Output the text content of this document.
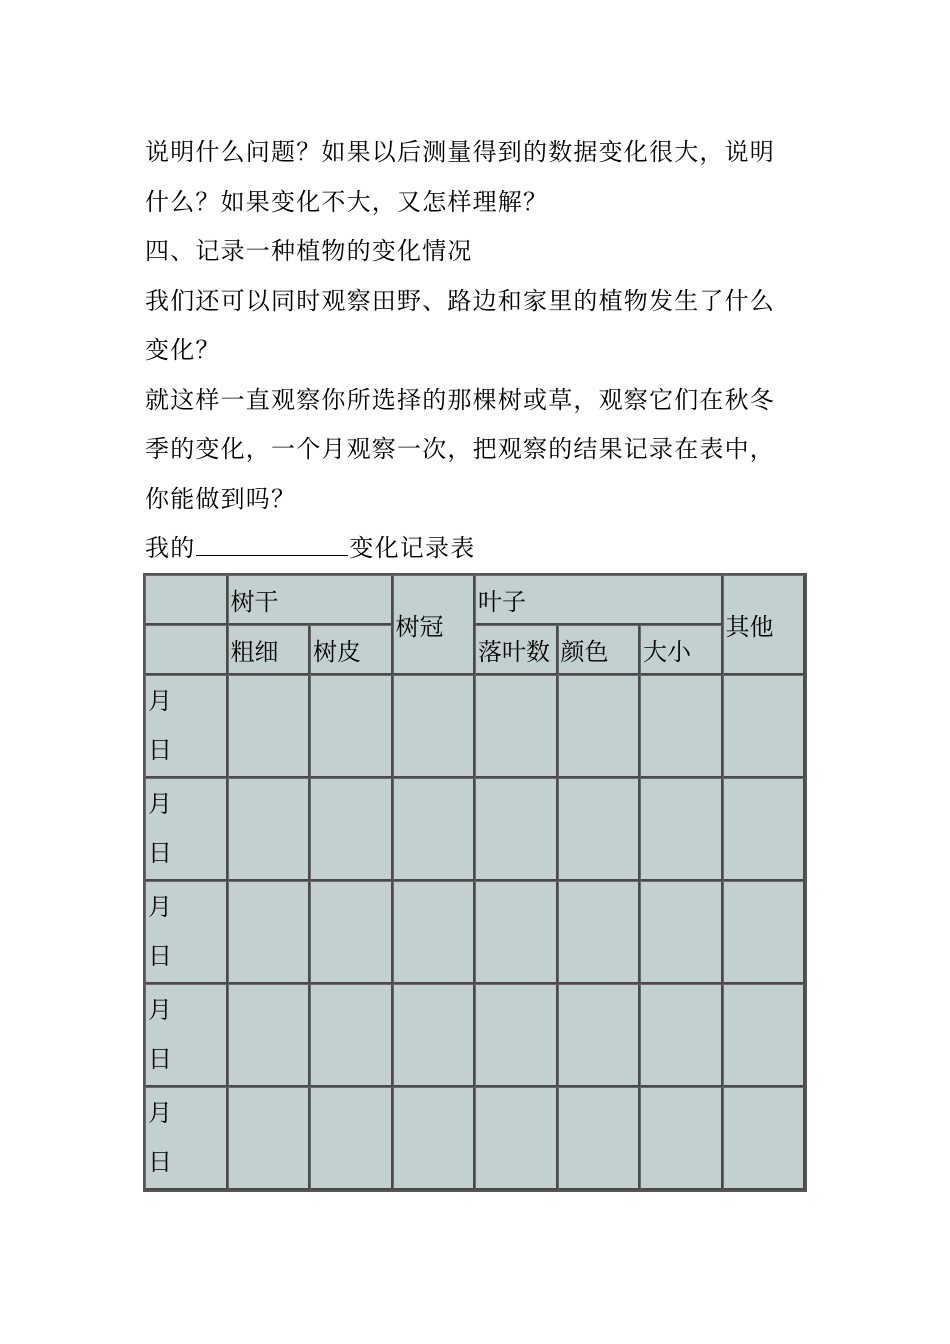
说明什么问题？如果以后测量得到的数据变化很大，说明
什么？如果变化不大，又怎样理解？
四、记录一种植物的变化情况
我们还可以同时观察田野、路边和家里的植物发生了什么
变化？
就这样一直观察你所选择的那棵树或草，观察它们在秋冬
季的变化，一个月观察一次，把观察的结果记录在表中，
你能做到吗？
我的	变化记录表
	树干		树冠	叶子			其他
	粗细	树皮		落叶数	颜色	大小	

月
日							

月
日							

月
日							

月
日							

月
日							
